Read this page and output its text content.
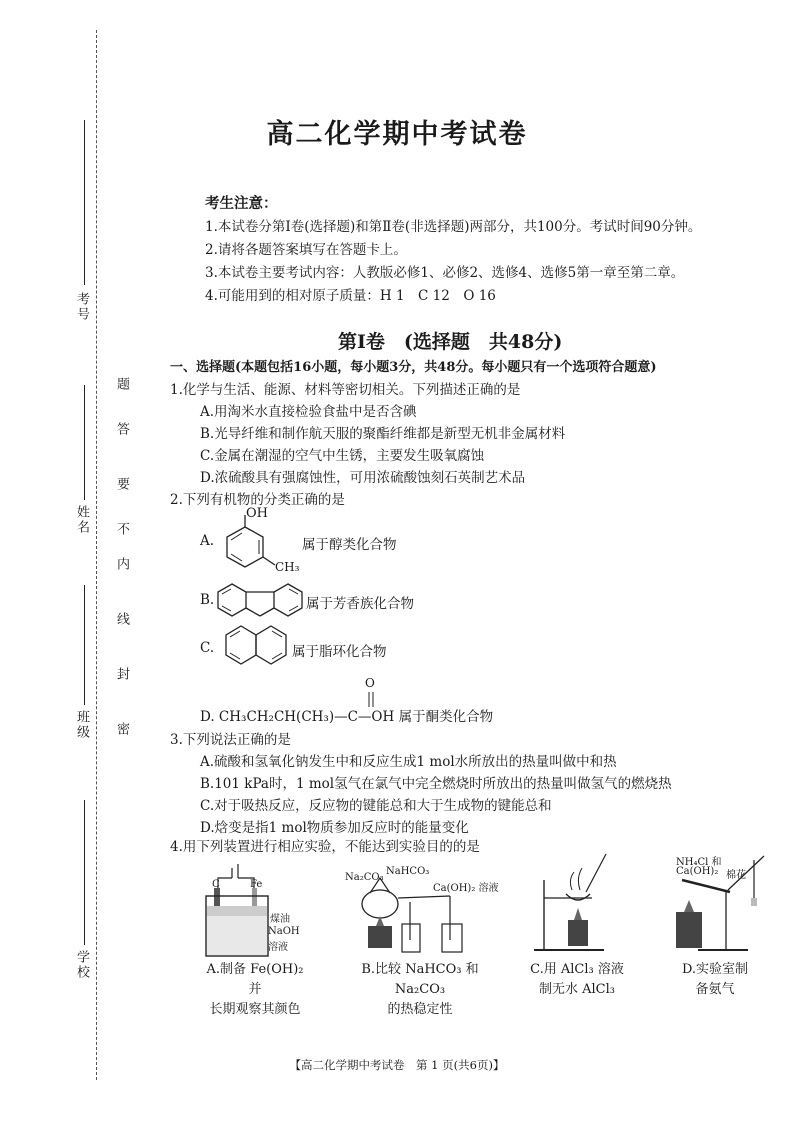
考号
姓名
班级
学校
密
封
线
内
不
要
答
题
高二化学期中考试卷
考生注意：
1.本试卷分第Ⅰ卷(选择题)和第Ⅱ卷(非选择题)两部分，共100分。考试时间90分钟。
2.请将各题答案填写在答题卡上。
3.本试卷主要考试内容：人教版必修1、必修2、选修4、选修5第一章至第二章。
4.可能用到的相对原子质量：H 1　C 12　O 16
第Ⅰ卷　(选择题　共48分)
一、选择题(本题包括16小题，每小题3分，共48分。每小题只有一个选项符合题意)
1.化学与生活、能源、材料等密切相关。下列描述正确的是
A.用淘米水直接检验食盐中是否含碘
B.光导纤维和制作航天服的聚酯纤维都是新型无机非金属材料
C.金属在潮湿的空气中生锈，主要发生吸氧腐蚀
D.浓硫酸具有强腐蚀性，可用浓硫酸蚀刻石英制艺术品
2.下列有机物的分类正确的是
A.
OH
CH₃
属于醇类化合物
B.	属于芳香族化合物
C.	属于脂环化合物
O
D. CH₃CH₂CH(CH₃)—C—OH 属于酮类化合物
3.下列说法正确的是
A.硫酸和氢氧化钠发生中和反应生成1 mol水所放出的热量叫做中和热
B.101 kPa时，1 mol氢气在氯气中完全燃烧时所放出的热量叫做氢气的燃烧热
C.对于吸热反应，反应物的键能总和大于生成物的键能总和
D.焓变是指1 mol物质参加反应时的能量变化
4.用下列装置进行相应实验，不能达到实验目的的是
C	Fe
煤油
NaOH
溶液
A.制备 Fe(OH)₂ 并
长期观察其颜色
Na₂CO₃
NaHCO₃
Ca(OH)₂ 溶液
B.比较 NaHCO₃ 和 Na₂CO₃
的热稳定性
C.用 AlCl₃ 溶液
制无水 AlCl₃
NH₄Cl 和
Ca(OH)₂ 棉花
D.实验室制
备氨气
【高二化学期中考试卷　第 1 页(共6页)】
